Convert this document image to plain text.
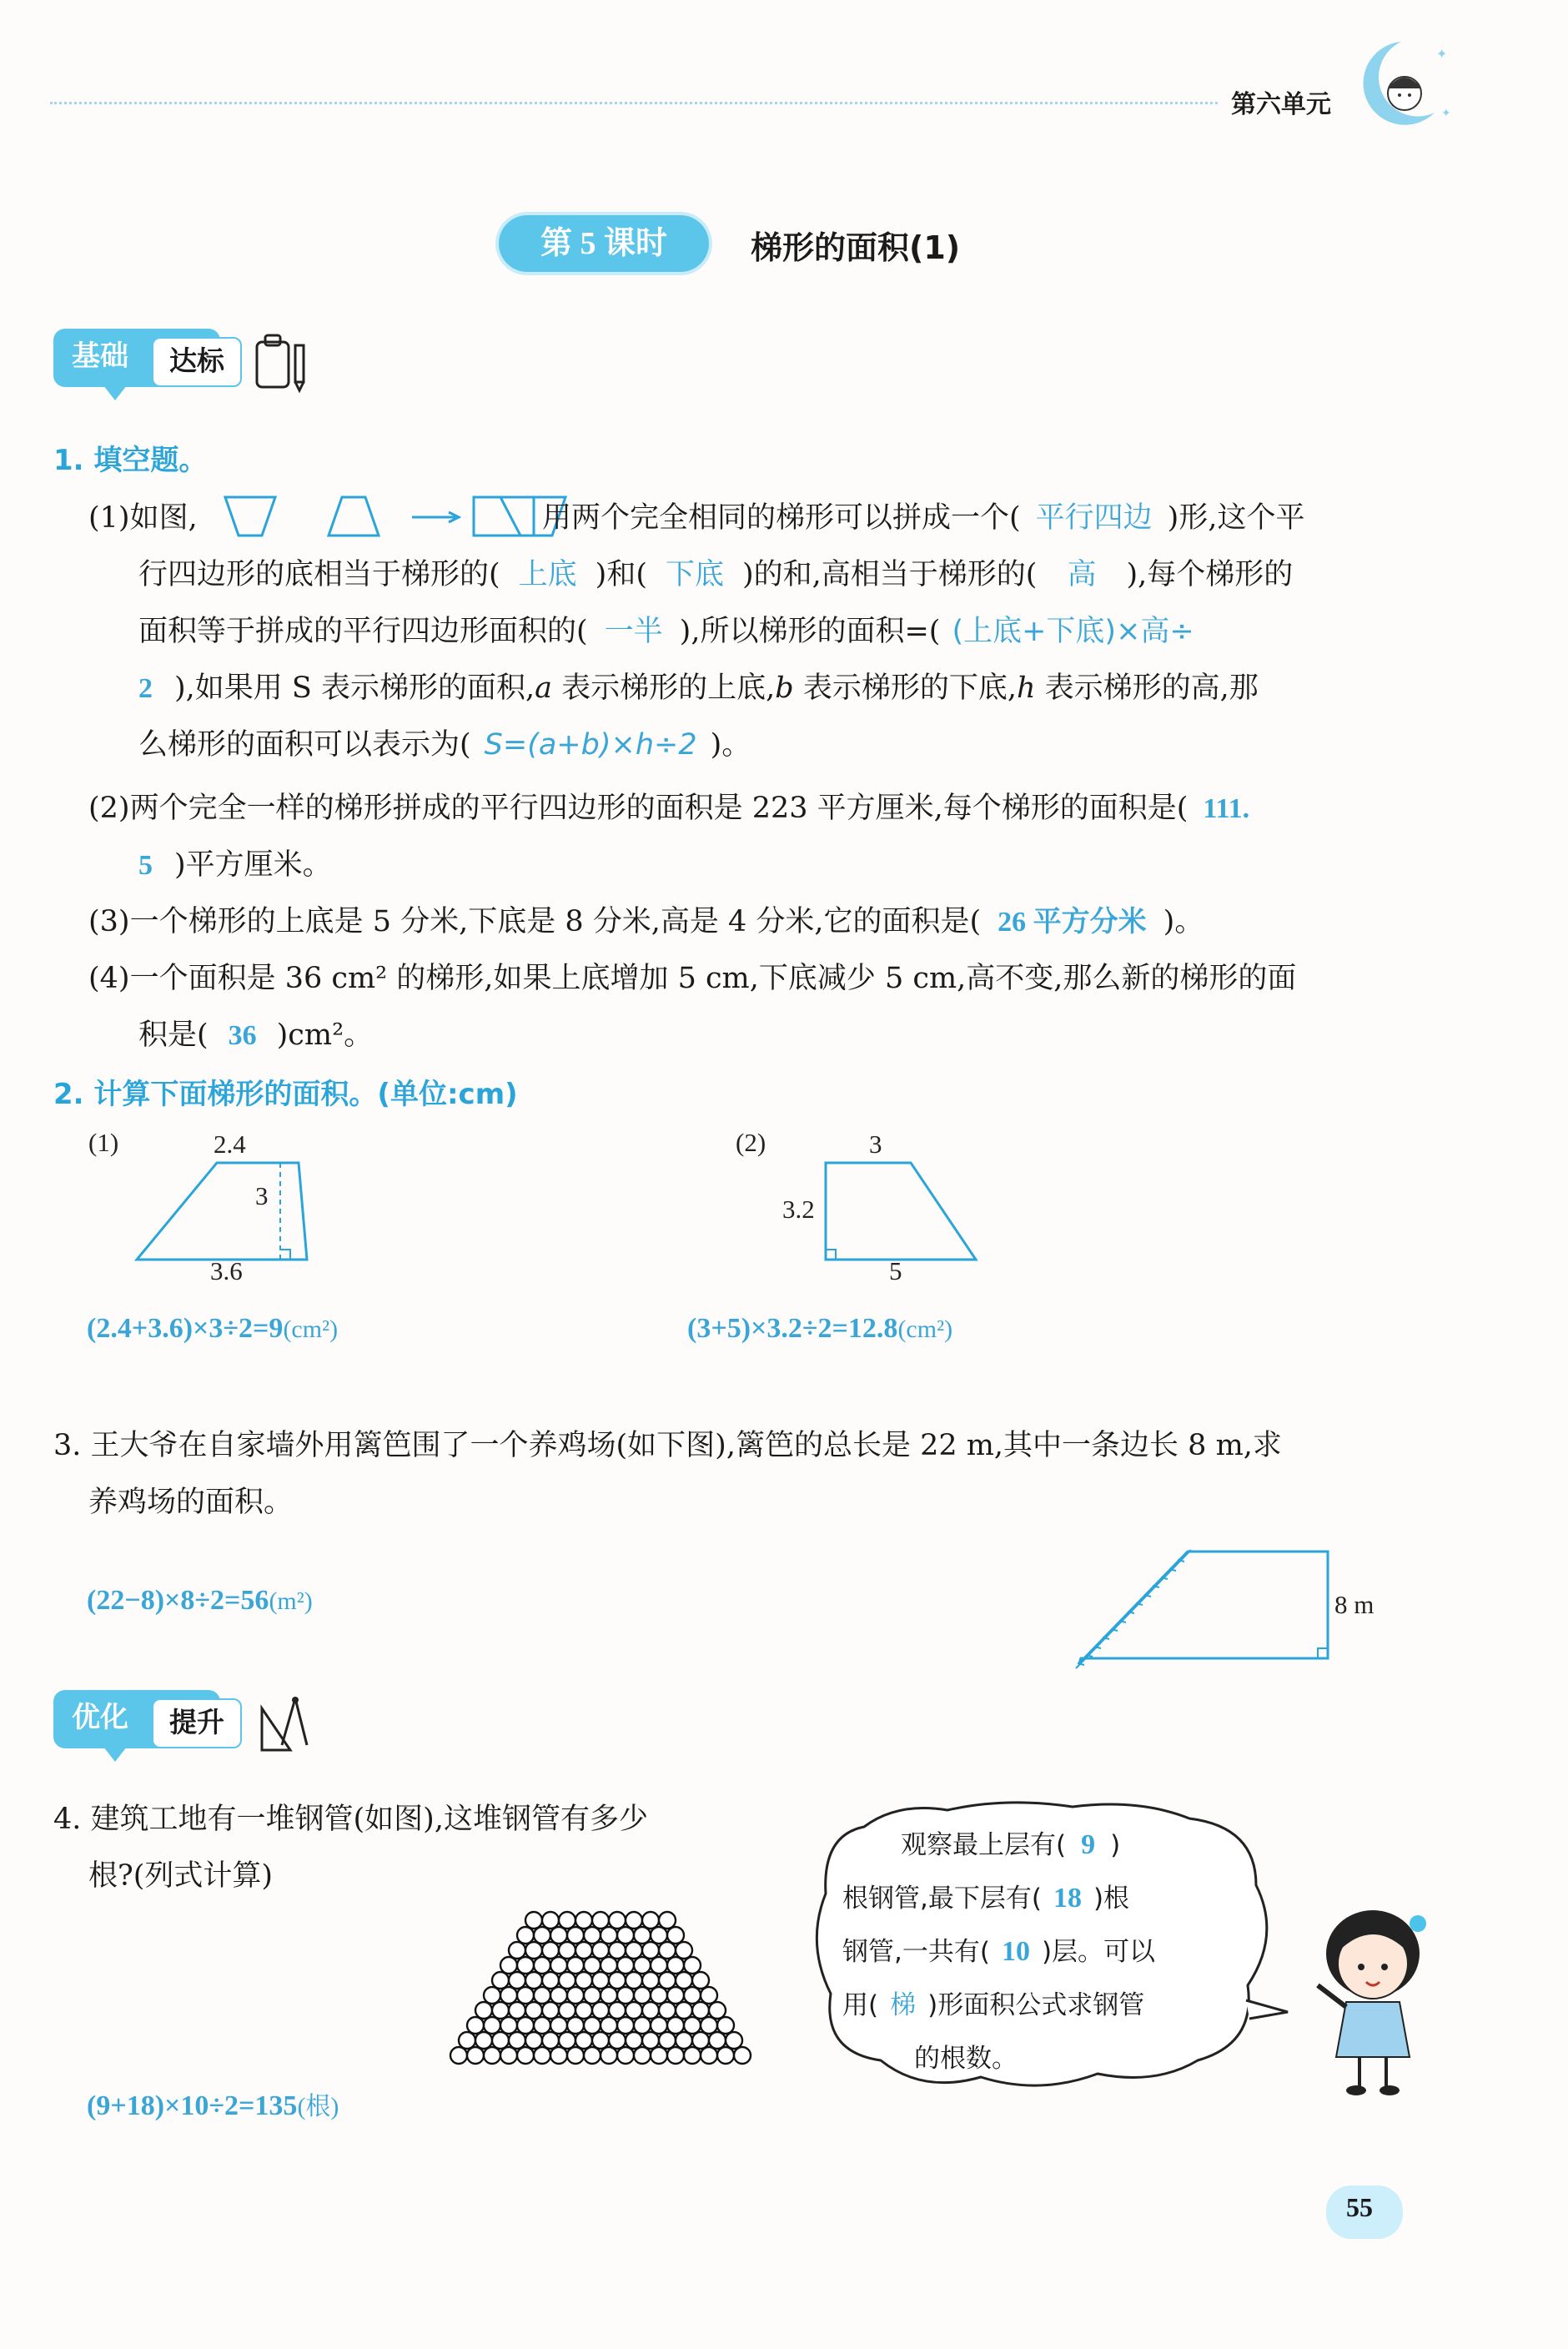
第六单元
✦
✦
第 5 课时	梯形的面积(1)
基础	达标
1. 填空题。
(1)如图,	用两个完全相同的梯形可以拼成一个( 平行四边 )形,这个平
行四边形的底相当于梯形的( 上底 )和( 下底 )的和,高相当于梯形的( 高 ),每个梯形的
面积等于拼成的平行四边形面积的( 一半 ),所以梯形的面积=( (上底+下底)×高÷
2 ),如果用 S 表示梯形的面积,a 表示梯形的上底,b 表示梯形的下底,h 表示梯形的高,那
么梯形的面积可以表示为( S=(a+b)×h÷2 )。
(2)两个完全一样的梯形拼成的平行四边形的面积是 223 平方厘米,每个梯形的面积是( 111.
5 )平方厘米。
(3)一个梯形的上底是 5 分米,下底是 8 分米,高是 4 分米,它的面积是( 26 平方分米 )。
(4)一个面积是 36 cm² 的梯形,如果上底增加 5 cm,下底减少 5 cm,高不变,那么新的梯形的面
积是( 36 )cm²。
2. 计算下面梯形的面积。(单位:cm)
(1)	2.4
3
3.6
(2)	3
3.2
5
(2.4+3.6)×3÷2=9(cm²)	(3+5)×3.2÷2=12.8(cm²)
3. 王大爷在自家墙外用篱笆围了一个养鸡场(如下图),篱笆的总长是 22 m,其中一条边长 8 m,求
养鸡场的面积。
(22−8)×8÷2=56(m²)	8 m
优化	提升
4. 建筑工地有一堆钢管(如图),这堆钢管有多少
根?(列式计算)
(9+18)×10÷2=135(根)
观察最上层有( 9 )
根钢管,最下层有( 18 )根
钢管,一共有( 10 )层。可以
用( 梯 )形面积公式求钢管
的根数。
55
